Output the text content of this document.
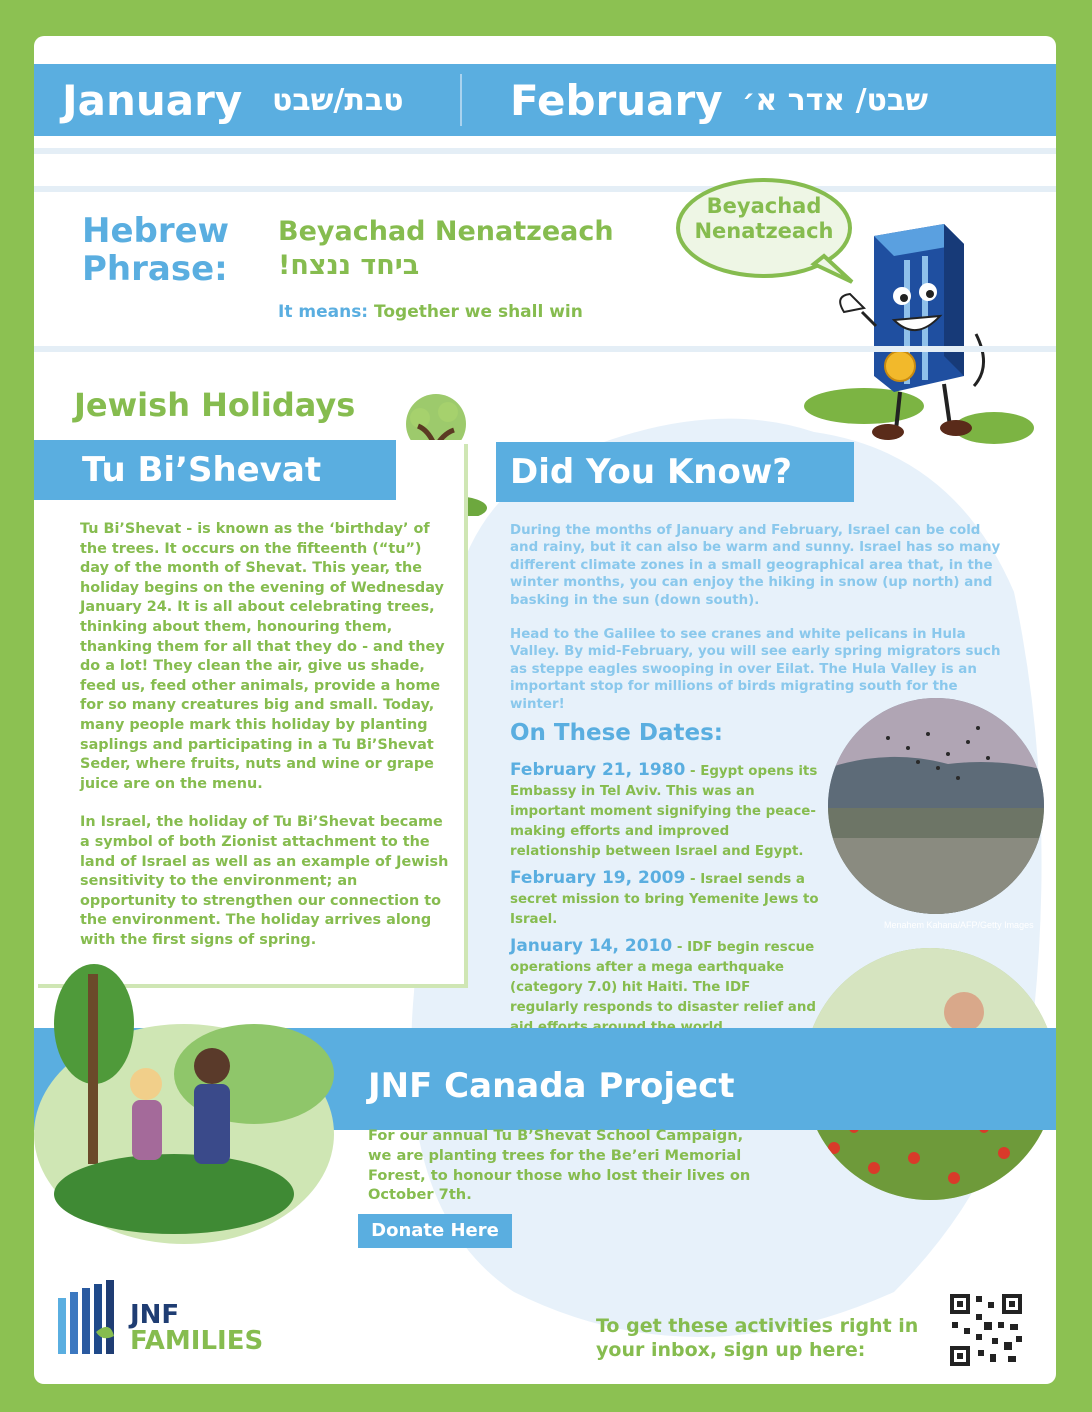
January טבת/שבט	February שבט/ אדר א׳
Hebrew
Phrase:
Beyachad Nenatzeach
ביחד ננצח!
It means: Together we shall win
Beyachad
Nenatzeach
Jewish Holidays
Tu Bi’Shevat
Tu Bi’Shevat - is known as the ‘birthday’ of the trees. It occurs on the fifteenth (“tu”) day of the month of Shevat. This year, the holiday begins on the evening of Wednesday January 24. It is all about celebrating trees, thinking about them, honouring them, thanking them for all that they do - and they do a lot! They clean the air, give us shade, feed us, feed other animals, provide a home for so many creatures big and small. Today, many people mark this holiday by planting saplings and participating in a Tu Bi’Shevat Seder, where fruits, nuts and wine or grape juice are on the menu.
In Israel, the holiday of Tu Bi’Shevat became a symbol of both Zionist attachment to the land of Israel as well as an example of Jewish sensitivity to the environment; an opportunity to strengthen our connection to the environment. The holiday arrives along with the first signs of spring.
Did You Know?
During the months of January and February, Israel can be cold and rainy, but it can also be warm and sunny. Israel has so many different climate zones in a small geographical area that, in the winter months, you can enjoy the hiking in snow (up north) and basking in the sun (down south).
Head to the Galilee to see cranes and white pelicans in Hula Valley. By mid-February, you will see early spring migrators such as steppe eagles swooping in over Eilat. The Hula Valley is an important stop for millions of birds migrating south for the winter!
On These Dates:
February 21, 1980 - Egypt opens its Embassy in Tel Aviv. This was an important moment signifying the peace-making efforts and improved relationship between Israel and Egypt.
February 19, 2009 - Israel sends a secret mission to bring Yemenite Jews to Israel.
January 14, 2010 - IDF begin rescue operations after a mega earthquake (category 7.0) hit Haiti. The IDF regularly responds to disaster relief and
Menahem Kahana/AFP/Getty Images
JNF Canada Project
For our annual Tu B’Shevat School Campaign, we are planting trees for the Be’eri Memorial Forest, to honour those who lost their lives on October 7th.
Donate Here
JNF
FAMILIES	To get these activities right in
your inbox, sign up here:
